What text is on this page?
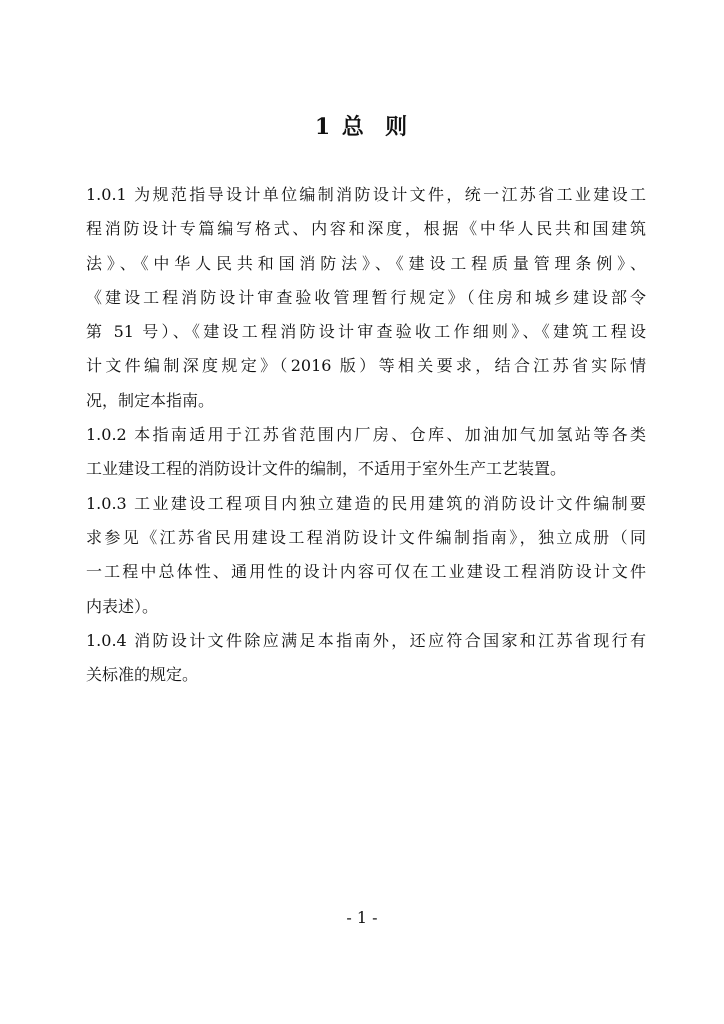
1 总  则
1.0.1 为规范指导设计单位编制消防设计文件，统一江苏省工业建设工
程消防设计专篇编写格式、内容和深度，根据《中华人民共和国建筑
法》、《中华人民共和国消防法》、《建设工程质量管理条例》、
《建设工程消防设计审查验收管理暂行规定》（住房和城乡建设部令
第 51 号）、《建设工程消防设计审查验收工作细则》、《建筑工程设
计文件编制深度规定》（2016 版）等相关要求，结合江苏省实际情
况，制定本指南。
1.0.2 本指南适用于江苏省范围内厂房、仓库、加油加气加氢站等各类
工业建设工程的消防设计文件的编制，不适用于室外生产工艺装置。
1.0.3 工业建设工程项目内独立建造的民用建筑的消防设计文件编制要
求参见《江苏省民用建设工程消防设计文件编制指南》，独立成册（同
一工程中总体性、通用性的设计内容可仅在工业建设工程消防设计文件
内表述）。
1.0.4 消防设计文件除应满足本指南外，还应符合国家和江苏省现行有
关标准的规定。
- 1 -
